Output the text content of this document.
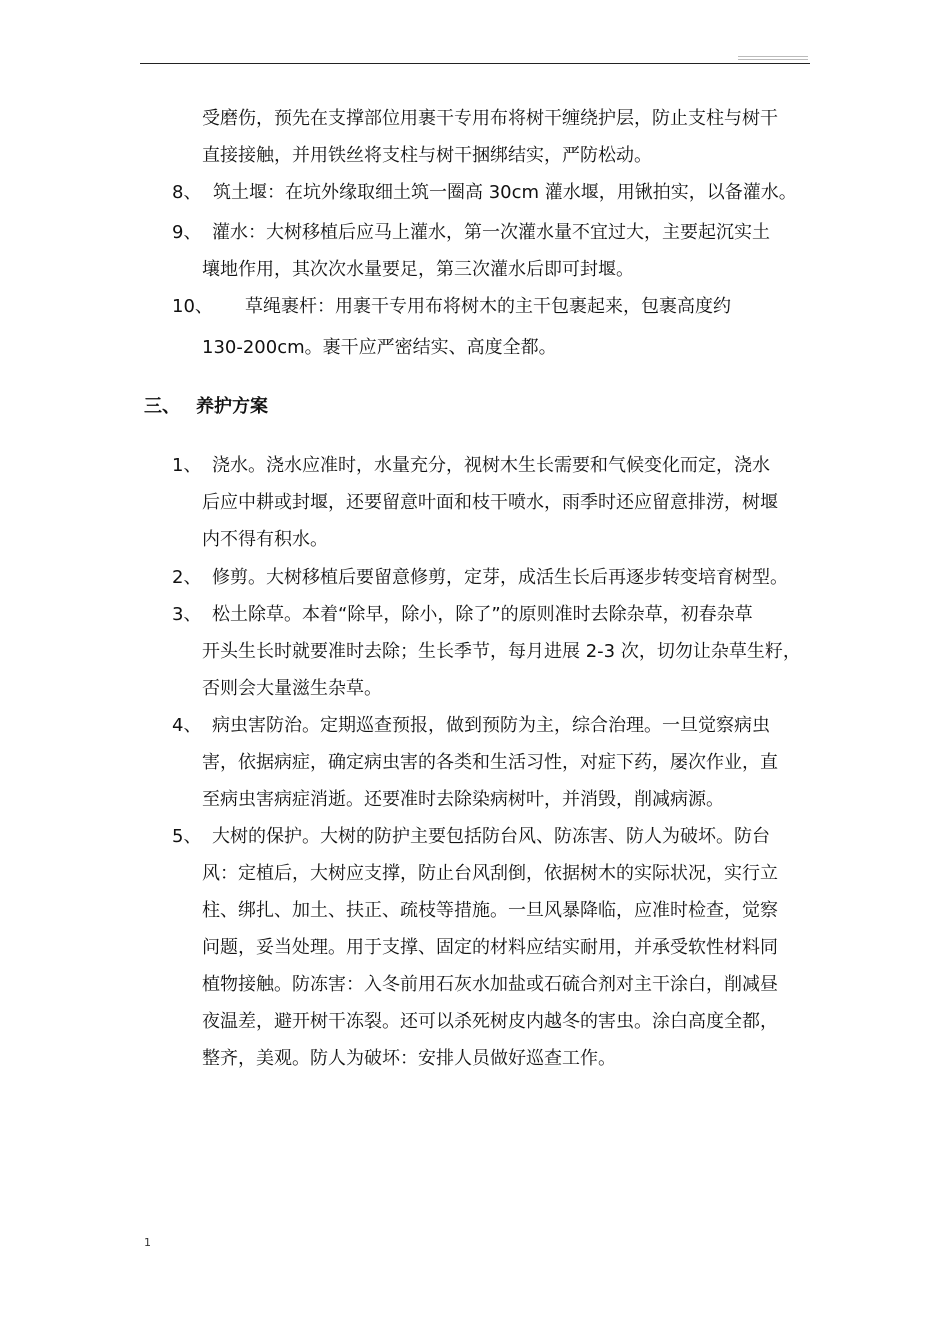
受磨伤，预先在支撑部位用裹干专用布将树干缠绕护层，防止支柱与树干
直接接触，并用铁丝将支柱与树干捆绑结实，严防松动。
8、 筑土堰：在坑外缘取细土筑一圈高 30cm 灌水堰，用锹拍实，以备灌水。
9、 灌水：大树移植后应马上灌水，第一次灌水量不宜过大，主要起沉实土
壤地作用，其次次水量要足，第三次灌水后即可封堰。
10、 草绳裹杆：用裹干专用布将树木的主干包裹起来，包裹高度约
130-200cm。裹干应严密结实、高度全都。
三、 养护方案
1、 浇水。浇水应准时，水量充分，视树木生长需要和气候变化而定，浇水
后应中耕或封堰，还要留意叶面和枝干喷水，雨季时还应留意排涝，树堰
内不得有积水。
2、 修剪。大树移植后要留意修剪，定芽，成活生长后再逐步转变培育树型。
3、 松土除草。本着“除早，除小，除了”的原则准时去除杂草，初春杂草
开头生长时就要准时去除；生长季节，每月进展 2-3 次，切勿让杂草生籽，
否则会大量滋生杂草。
4、 病虫害防治。定期巡查预报，做到预防为主，综合治理。一旦觉察病虫
害，依据病症，确定病虫害的各类和生活习性，对症下药，屡次作业，直
至病虫害病症消逝。还要准时去除染病树叶，并消毁，削减病源。
5、 大树的保护。大树的防护主要包括防台风、防冻害、防人为破坏。防台
风：定植后，大树应支撑，防止台风刮倒，依据树木的实际状况，实行立
柱、绑扎、加土、扶正、疏枝等措施。一旦风暴降临，应准时检查，觉察
问题，妥当处理。用于支撑、固定的材料应结实耐用，并承受软性材料同
植物接触。防冻害：入冬前用石灰水加盐或石硫合剂对主干涂白，削减昼
夜温差，避开树干冻裂。还可以杀死树皮内越冬的害虫。涂白高度全都，
整齐，美观。防人为破坏：安排人员做好巡查工作。
1
